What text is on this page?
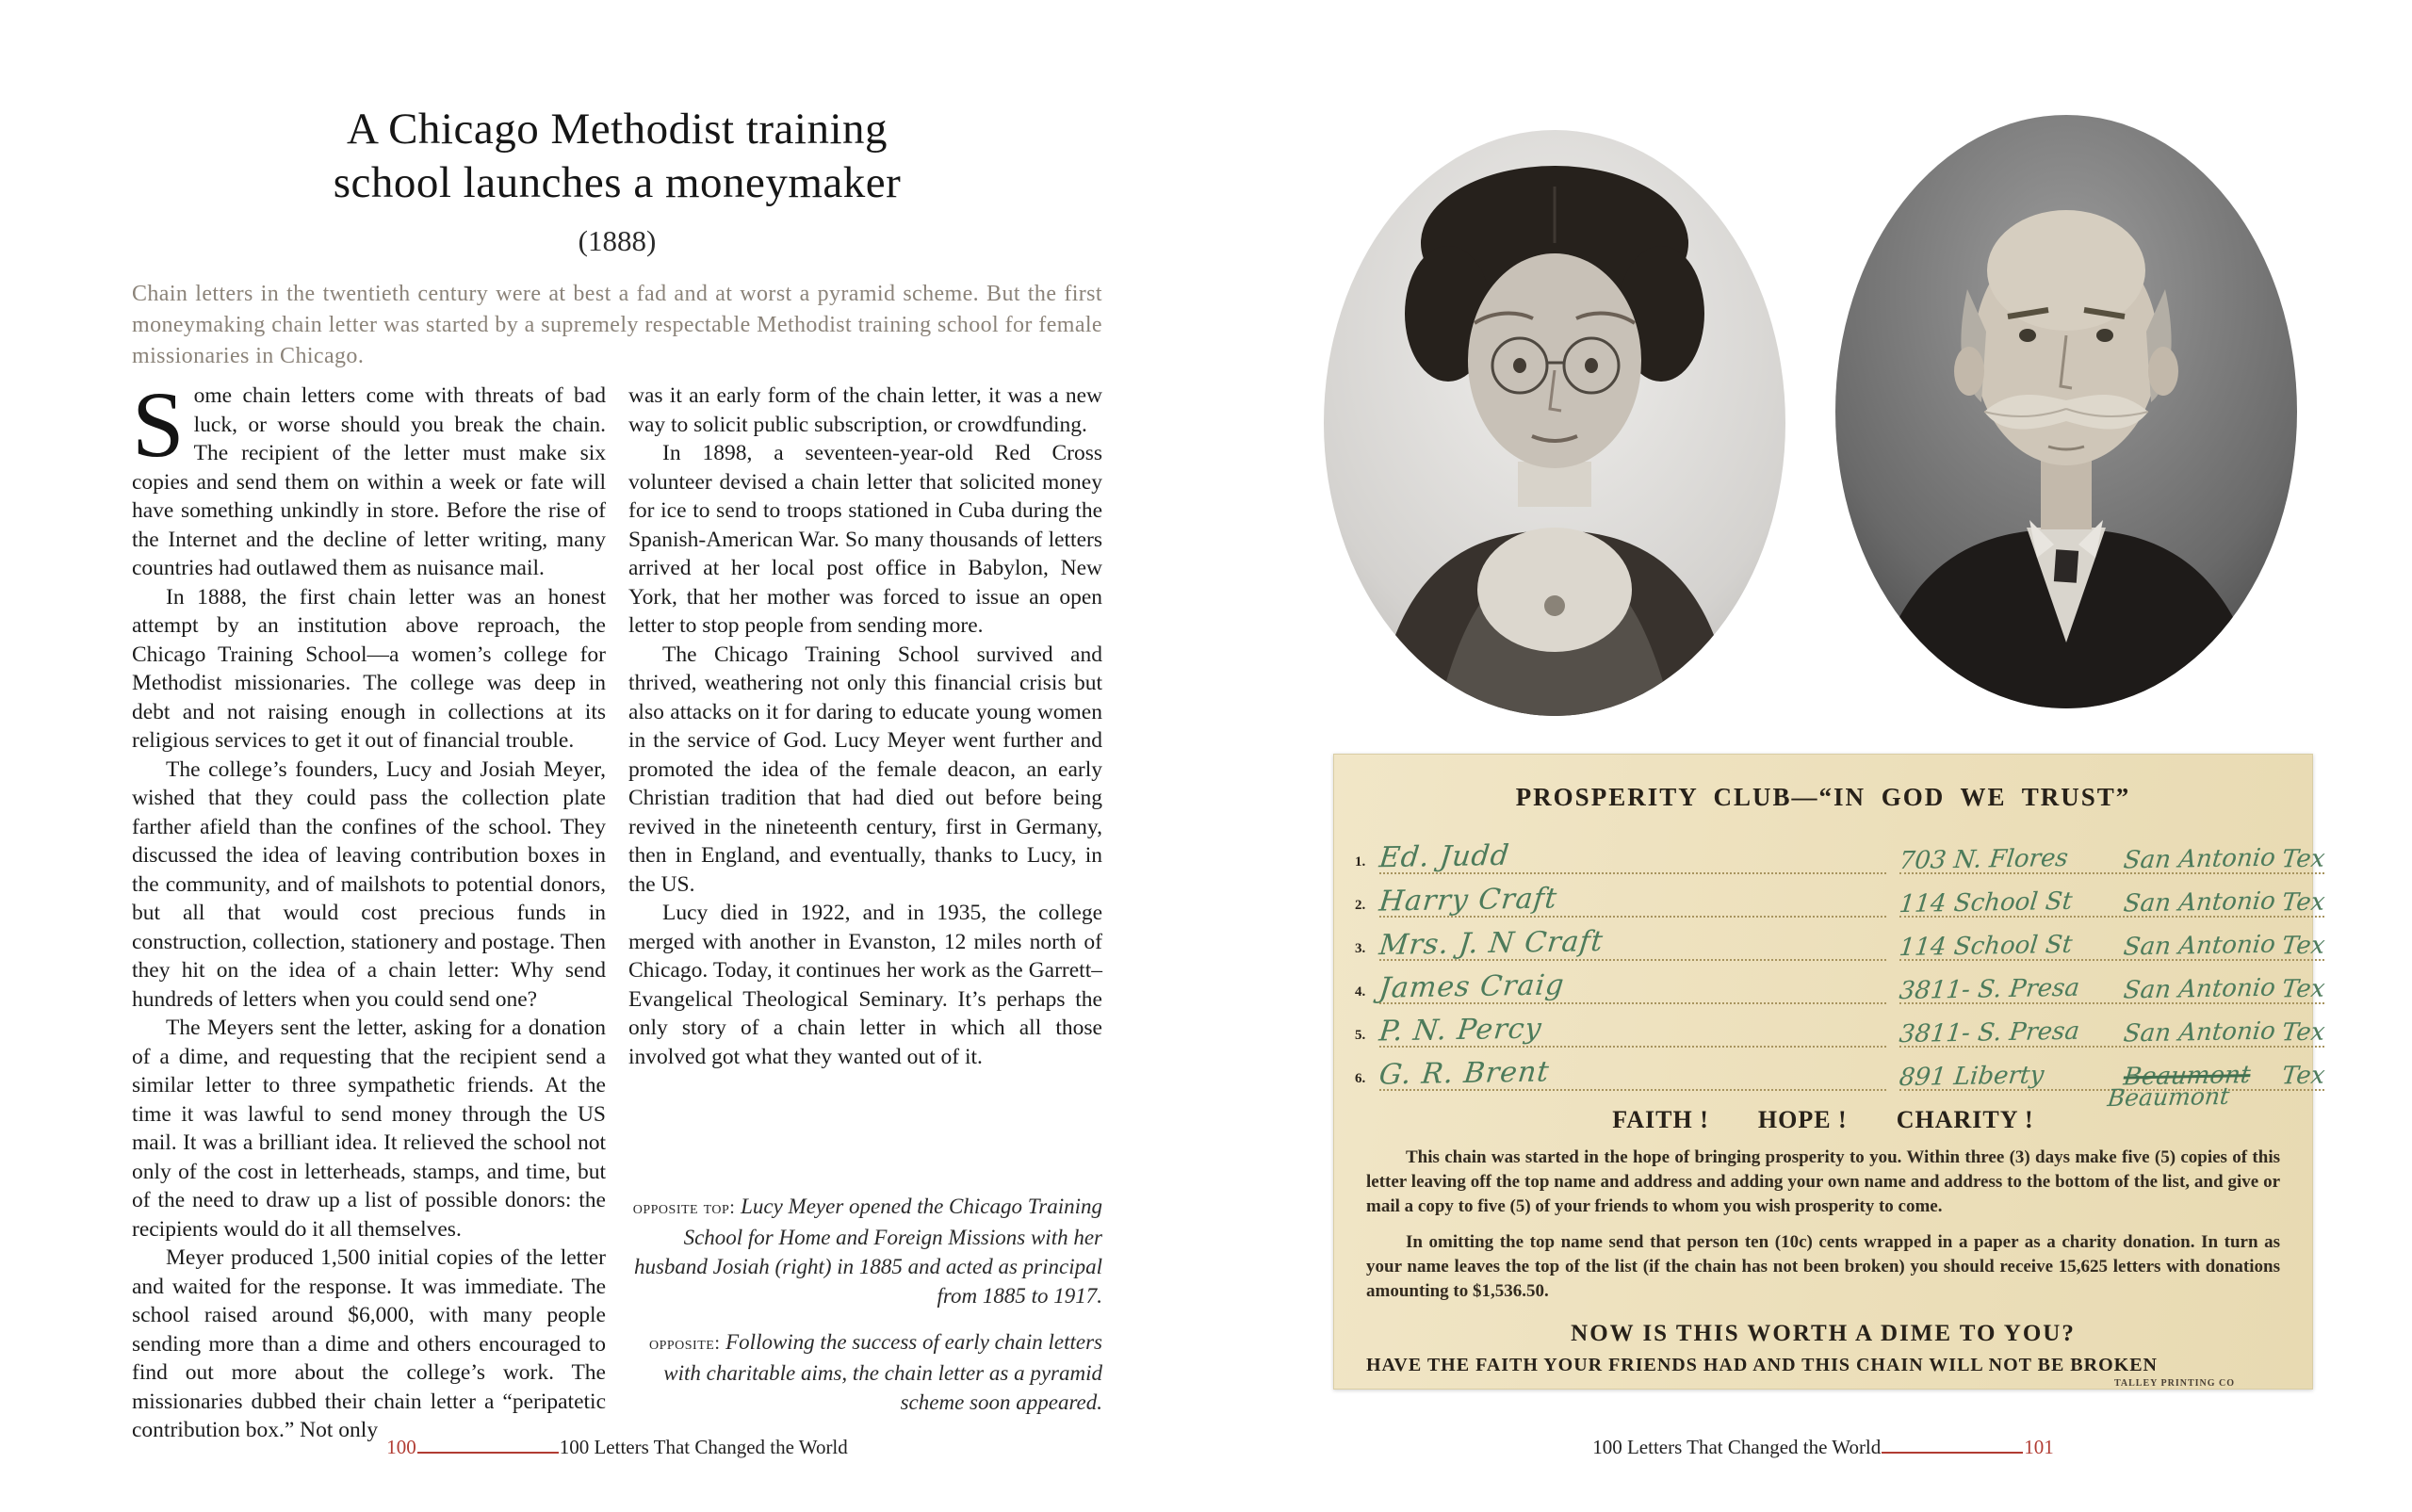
A Chicago Methodist training
school launches a moneymaker
(1888)

Chain letters in the twentieth century were at best a fad and at worst a pyramid scheme. But the first moneymaking chain letter was started by a supremely respectable Methodist training school for female missionaries in Chicago.

Some chain letters come with threats of bad luck, or worse should you break the chain. The recipient of the letter must make six copies and send them on within a week or fate will have something unkindly in store. Before the rise of the Internet and the decline of letter writing, many countries had outlawed them as nuisance mail.

In 1888, the first chain letter was an honest attempt by an institution above reproach, the Chicago Training School—a women’s college for Methodist missionaries. The college was deep in debt and not raising enough in collections at its religious services to get it out of financial trouble.

The college’s founders, Lucy and Josiah Meyer, wished that they could pass the collection plate farther afield than the confines of the school. They discussed the idea of leaving contribution boxes in the community, and of mailshots to potential donors, but all that would cost precious funds in construction, collection, stationery and postage. Then they hit on the idea of a chain letter: Why send hundreds of letters when you could send one?

The Meyers sent the letter, asking for a donation of a dime, and requesting that the recipient send a similar letter to three sympathetic friends. At the time it was lawful to send money through the US mail. It was a brilliant idea. It relieved the school not only of the cost in letterheads, stamps, and time, but of the need to draw up a list of possible donors: the recipients would do it all themselves.

Meyer produced 1,500 initial copies of the letter and waited for the response. It was immediate. The school raised around $6,000, with many people sending more than a dime and others encouraged to find out more about the college’s work. The missionaries dubbed their chain letter a “peripatetic contribution box.” Not only

was it an early form of the chain letter, it was a new way to solicit public subscription, or crowdfunding.

In 1898, a seventeen-year-old Red Cross volunteer devised a chain letter that solicited money for ice to send to troops stationed in Cuba during the Spanish-American War. So many thousands of letters arrived at her local post office in Babylon, New York, that her mother was forced to issue an open letter to stop people from sending more.

The Chicago Training School survived and thrived, weathering not only this financial crisis but also attacks on it for daring to educate young women in the service of God. Lucy Meyer went further and promoted the idea of the female deacon, an early Christian tradition that had died out before being revived in the nineteenth century, first in Germany, then in England, and eventually, thanks to Lucy, in the US.

Lucy died in 1922, and in 1935, the college merged with another in Evanston, 12 miles north of Chicago. Today, it continues her work as the Garrett–Evangelical Theological Seminary. It’s perhaps the only story of a chain letter in which all those involved got what they wanted out of it.

opposite top: Lucy Meyer opened the Chicago Training School for Home and Foreign Missions with her husband Josiah (right) in 1885 and acted as principal from 1885 to 1917.

opposite: Following the success of early chain letters with charitable aims, the chain letter as a pyramid scheme soon appeared.

100	100 Letters That Changed the World
PROSPERITY CLUB—“IN GOD WE TRUST”
1. Ed. Judd	703 N. Flores	San Antonio Tex
2. Harry Craft	114 School St	San Antonio Tex
3. Mrs. J. N Craft	114 School St	San Antonio Tex
4. James Craig	3811- S. Presa	San Antonio Tex
5. P. N. Percy	3811- S. Presa	San Antonio Tex
6. G. R. Brent	891 Liberty	Beaumont	Tex
Beaumont
FAITH ! HOPE ! CHARITY !

This chain was started in the hope of bringing prosperity to you. Within three (3) days make five (5) copies of this letter leaving off the top name and address and adding your own name and address to the bottom of the list, and give or mail a copy to five (5) of your friends to whom you wish prosperity to come.

In omitting the top name send that person ten (10c) cents wrapped in a paper as a charity donation. In turn as your name leaves the top of the list (if the chain has not been broken) you should receive 15,625 letters with donations amounting to $1,536.50.

NOW IS THIS WORTH A DIME TO YOU?
HAVE THE FAITH YOUR FRIENDS HAD AND THIS CHAIN WILL NOT BE BROKEN
TALLEY PRINTING CO
100 Letters That Changed the World	101
